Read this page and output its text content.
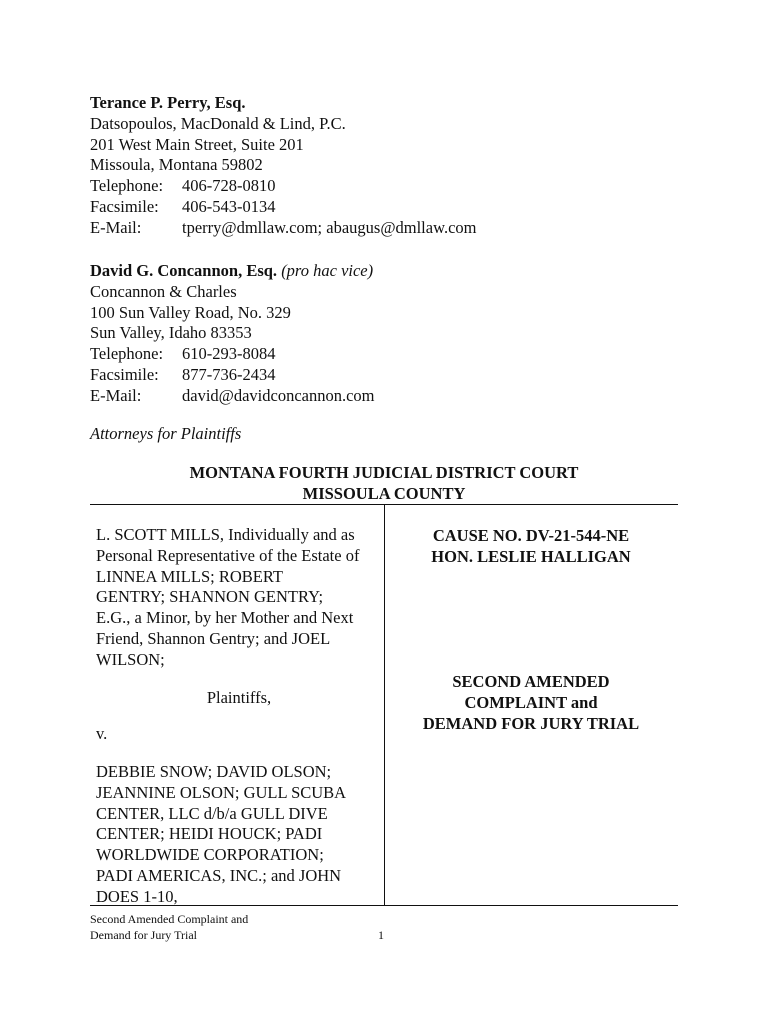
Terance P. Perry, Esq.
Datsopoulos, MacDonald & Lind, P.C.
201 West Main Street, Suite 201
Missoula, Montana 59802
Telephone: 406-728-0810
Facsimile: 406-543-0134
E-Mail: tperry@dmllaw.com; abaugus@dmllaw.com
David G. Concannon, Esq. (pro hac vice)
Concannon & Charles
100 Sun Valley Road, No. 329
Sun Valley, Idaho 83353
Telephone: 610-293-8084
Facsimile: 877-736-2434
E-Mail: david@davidconcannon.com
Attorneys for Plaintiffs
MONTANA FOURTH JUDICIAL DISTRICT COURT
MISSOULA COUNTY
L. SCOTT MILLS, Individually and as
Personal Representative of the Estate of
LINNEA MILLS; ROBERT
GENTRY; SHANNON GENTRY;
E.G., a Minor, by her Mother and Next
Friend, Shannon Gentry; and JOEL
WILSON;
Plaintiffs,
v.
DEBBIE SNOW; DAVID OLSON;
JEANNINE OLSON; GULL SCUBA
CENTER, LLC d/b/a GULL DIVE
CENTER; HEIDI HOUCK; PADI
WORLDWIDE CORPORATION;
PADI AMERICAS, INC.; and JOHN
DOES 1-10,
CAUSE NO. DV-21-544-NE
HON. LESLIE HALLIGAN
SECOND AMENDED
COMPLAINT and
DEMAND FOR JURY TRIAL
Second Amended Complaint and
Demand for Jury Trial	1
